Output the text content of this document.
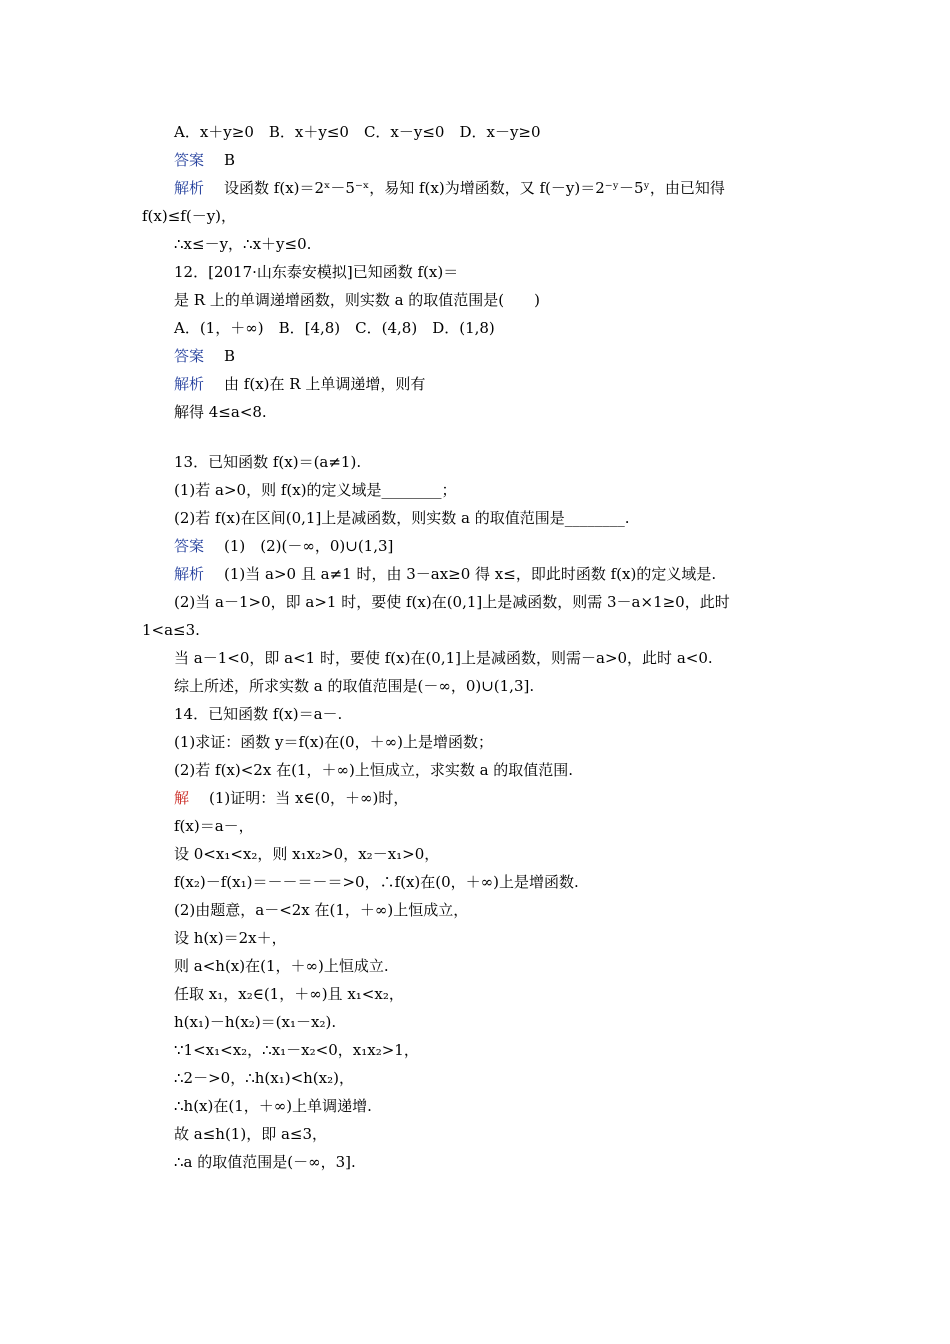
A．x＋y≥0　B．x＋y≤0　C．x－y≤0　D．x－y≥0
答案 B
解析 设函数 f(x)＝2ˣ－5⁻ˣ，易知 f(x)为增函数，又 f(－y)＝2⁻ʸ－5ʸ，由已知得
f(x)≤f(－y)，
∴x≤－y，∴x＋y≤0.
12．[2017·山东泰安模拟]已知函数 f(x)＝
是 R 上的单调递增函数，则实数 a 的取值范围是(　　)
A．(1，＋∞)　B．[4,8)　C．(4,8)　D．(1,8)
答案 B
解析 由 f(x)在 R 上单调递增，则有
解得 4≤a<8.
13．已知函数 f(x)＝(a≠1).
(1)若 a>0，则 f(x)的定义域是________；
(2)若 f(x)在区间(0,1]上是减函数，则实数 a 的取值范围是________.
答案 (1)　(2)(－∞，0)∪(1,3]
解析 (1)当 a>0 且 a≠1 时，由 3－ax≥0 得 x≤，即此时函数 f(x)的定义域是.
(2)当 a－1>0，即 a>1 时，要使 f(x)在(0,1]上是减函数，则需 3－a×1≥0，此时
1<a≤3.
当 a－1<0，即 a<1 时，要使 f(x)在(0,1]上是减函数，则需－a>0，此时 a<0.
综上所述，所求实数 a 的取值范围是(－∞，0)∪(1,3].
14．已知函数 f(x)＝a－.
(1)求证：函数 y＝f(x)在(0，＋∞)上是增函数；
(2)若 f(x)<2x 在(1，＋∞)上恒成立，求实数 a 的取值范围.
解 (1)证明：当 x∈(0，＋∞)时，
f(x)＝a－，
设 0<x₁<x₂，则 x₁x₂>0，x₂－x₁>0，
f(x₂)－f(x₁)＝－－＝－＝>0，∴f(x)在(0，＋∞)上是增函数.
(2)由题意，a－<2x 在(1，＋∞)上恒成立，
设 h(x)＝2x＋，
则 a<h(x)在(1，＋∞)上恒成立.
任取 x₁，x₂∈(1，＋∞)且 x₁<x₂，
h(x₁)－h(x₂)＝(x₁－x₂).
∵1<x₁<x₂，∴x₁－x₂<0，x₁x₂>1，
∴2－>0，∴h(x₁)<h(x₂)，
∴h(x)在(1，＋∞)上单调递增.
故 a≤h(1)，即 a≤3，
∴a 的取值范围是(－∞，3].
